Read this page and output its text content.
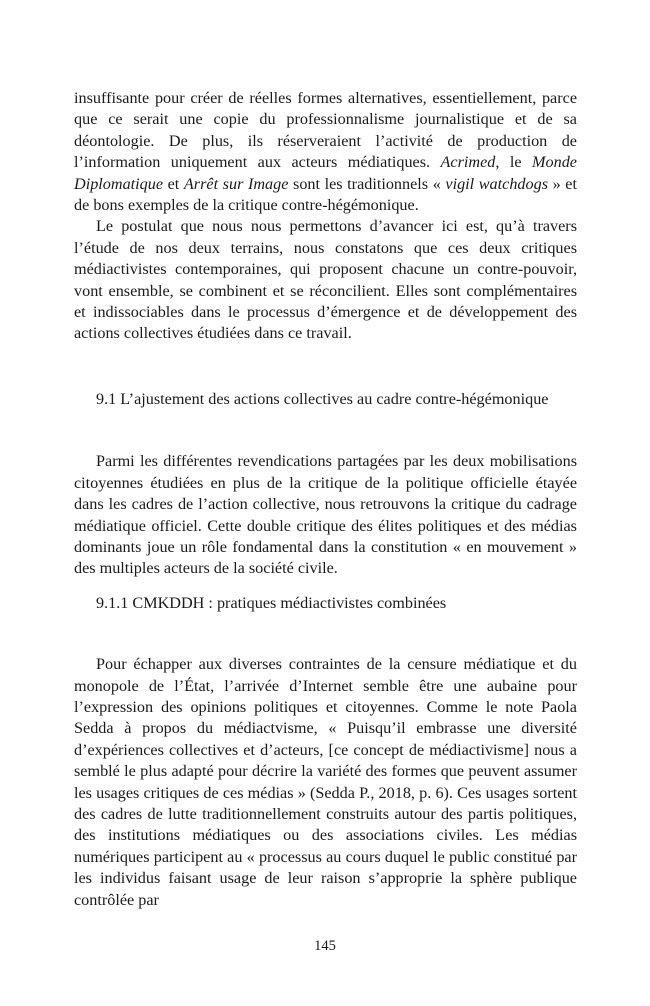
insuffisante pour créer de réelles formes alternatives, essentiellement, parce que ce serait une copie du professionnalisme journalistique et de sa déontologie. De plus, ils réserveraient l’activité de production de l’information uniquement aux acteurs médiatiques. Acrimed, le Monde Diplomatique et Arrêt sur Image sont les traditionnels « vigil watchdogs » et de bons exemples de la critique contre-hégémonique.

Le postulat que nous nous permettons d’avancer ici est, qu’à travers l’étude de nos deux terrains, nous constatons que ces deux critiques médiactivistes contemporaines, qui proposent chacune un contre-pouvoir, vont ensemble, se combinent et se réconcilient. Elles sont complémentaires et indissociables dans le processus d’émergence et de développement des actions collectives étudiées dans ce travail.

9.1 L’ajustement des actions collectives au cadre contre-hégémonique

Parmi les différentes revendications partagées par les deux mobilisations citoyennes étudiées en plus de la critique de la politique officielle étayée dans les cadres de l’action collective, nous retrouvons la critique du cadrage médiatique officiel. Cette double critique des élites politiques et des médias dominants joue un rôle fondamental dans la constitution « en mouvement » des multiples acteurs de la société civile.

9.1.1 CMKDDH : pratiques médiactivistes combinées

Pour échapper aux diverses contraintes de la censure médiatique et du monopole de l’État, l’arrivée d’Internet semble être une aubaine pour l’expression des opinions politiques et citoyennes. Comme le note Paola Sedda à propos du médiactvisme, « Puisqu’il embrasse une diversité d’expériences collectives et d’acteurs, [ce concept de médiactivisme] nous a semblé le plus adapté pour décrire la variété des formes que peuvent assumer les usages critiques de ces médias » (Sedda P., 2018, p. 6). Ces usages sortent des cadres de lutte traditionnellement construits autour des partis politiques, des institutions médiatiques ou des associations civiles. Les médias numériques participent au « processus au cours duquel le public constitué par les individus faisant usage de leur raison s’approprie la sphère publique contrôlée par

145
